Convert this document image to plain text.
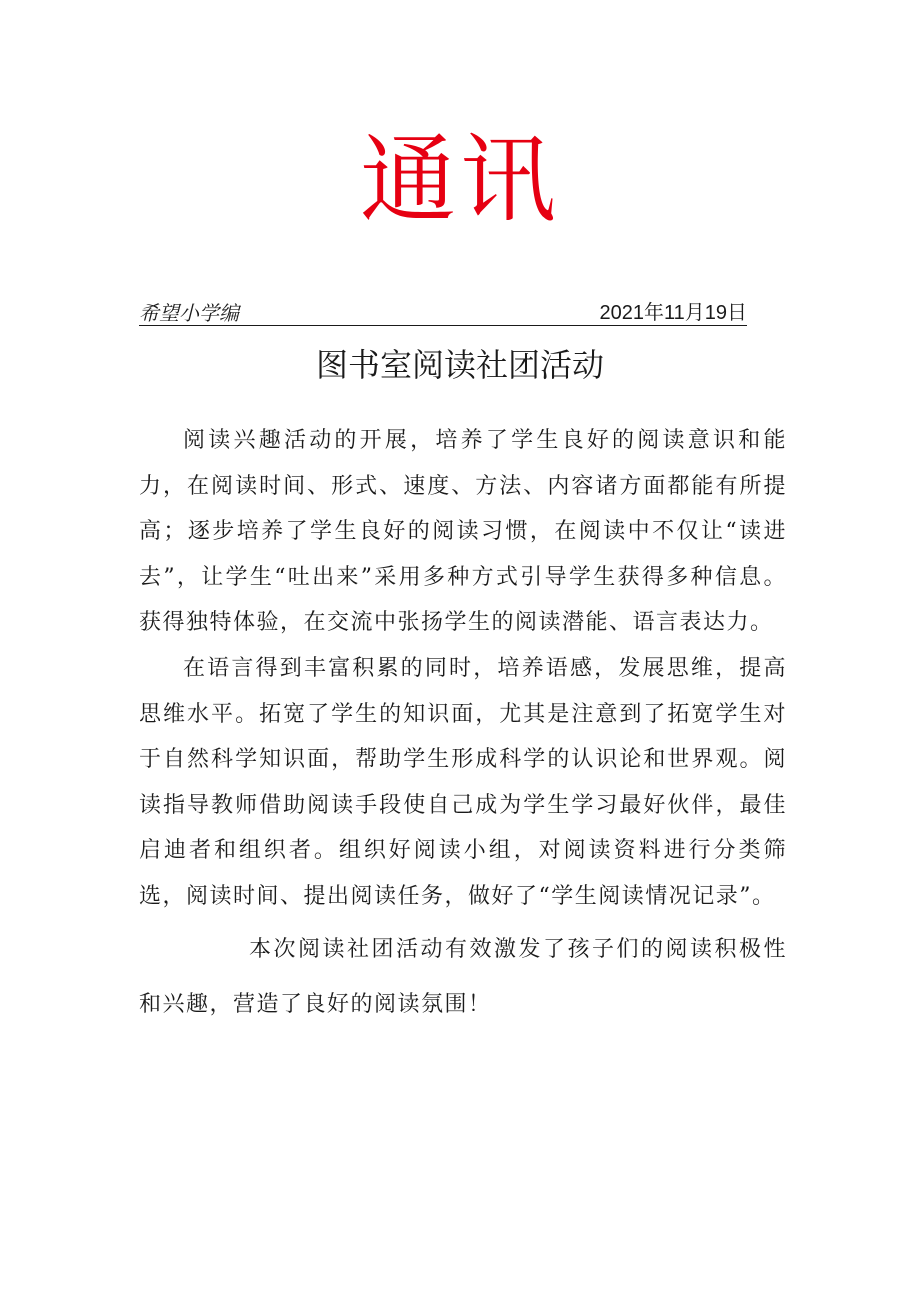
通讯
希望小学编	2021年11月19日
图书室阅读社团活动

阅读兴趣活动的开展，培养了学生良好的阅读意识和能力，在阅读时间、形式、速度、方法、内容诸方面都能有所提高；逐步培养了学生良好的阅读习惯，在阅读中不仅让“读进去”，让学生“吐出来”采用多种方式引导学生获得多种信息。获得独特体验，在交流中张扬学生的阅读潜能、语言表达力。

在语言得到丰富积累的同时，培养语感，发展思维，提高思维水平。拓宽了学生的知识面，尤其是注意到了拓宽学生对于自然科学知识面，帮助学生形成科学的认识论和世界观。阅读指导教师借助阅读手段使自己成为学生学习最好伙伴，最佳启迪者和组织者。组织好阅读小组，对阅读资料进行分类筛选，阅读时间、提出阅读任务，做好了“学生阅读情况记录”。

本次阅读社团活动有效激发了孩子们的阅读积极性和兴趣，营造了良好的阅读氛围！
